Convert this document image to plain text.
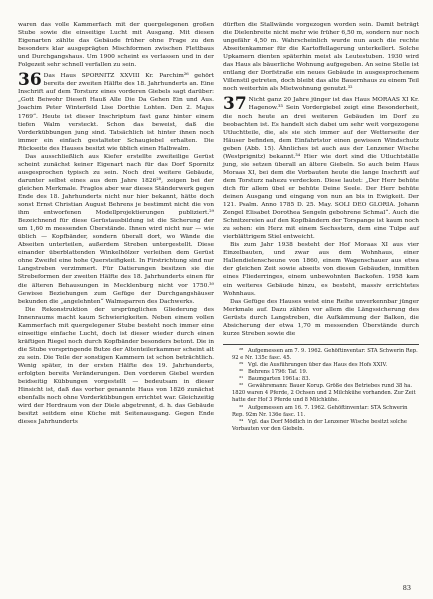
waren das volle Kammerfach mit der quergelegenen großen Stube sowie die einseitige Lucht mit Ausgang. Mit diesen Eigenarten zählte das Gebäude früher ohne Frage zu den besonders klar ausgeprägten Mischformen zwischen Flettbaus und Durchgangshaus. Um 1900 scheint es verlassen und in der Folgezeit sehr schnell verfallen zu sein.

36 Das Haus SPORNITZ XXVIII Kr. Parchim²⁶ gehört bereits der zweiten Hälfte des 18. Jahrhunderts an. Eine Inschrift auf dem Torsturz eines vorderen Giebels sagt darüber: „Gott Beiwohr Diesefi Hauß Alle Die Da Gehen Ein und Aus. Joachim Peter Winterfeld Lise Dorthie Lohten. Den 2. Majus 1769“. Heute ist dieser Inschriptum fast ganz hinter einem tiefen Walm versteckt. Schon das beweist, daß die Vorderkübbungen jung sind. Tatsächlich ist hinter ihnen noch immer ein einfach gestalteter Schaugiebel erhalten. Die Rückseite des Hauses besitzt wie üblich einen Halbwalm.

Das ausschließlich aus Kiefer erstellte zweiteilige Gerüst scheint zunächst keiner Eigenart nach für das Dorf Spornitz ausgesprochen typisch zu sein. Noch drei weitere Gebäude, darunter selbst eines aus dem Jahre 1826²⁸, zeigen bei der gleichen Merkmale. Fraglos aber war dieses Ständerwerk gegen Ende des 18. Jahrhunderts nicht nur hier bekannt, hätte doch sonst Ernst Christian August Behrens je bestimmt nicht die von ihm entworfenen Modellprojektierungen publiziert.²⁹ Bezeichnend für diese Gerüstausbildung ist die Sicherung der um 1,60 m messenden Überstände. Ihnen wird nicht nur — wie üblich — Kopfbänder, sondern überall dort, wo Wände die Abseiten unterteilen, außerdem Streben untergestellt. Diese einander überblattenden Winkelhölzer verleihen dem Gerüst ohne Zweifel eine hohe Quersteifigkeit. In Firstrichtung sind nur Langstreben verzimmert. Für Datierungen besitzen sie die Strebeformen der zweiten Hälfte des 18. Jahrhunderts einen für die älteren Behausungen in Mecklenburg nicht vor 1750.³⁰ Gewisse Beziehungen zum Gefüge der Durchgangshäuser bekunden die „angelehnten“ Walmsparren des Dachwerks.

Die Rekonstruktion der ursprünglichen Gliederung des Innenraums macht kaum Schwierigkeiten. Neben einem vollen Kammerfach mit quergelegener Stube besteht noch immer eine einseitige einfache Lucht, doch ist dieser wieder durch einen kräftigen Riegel noch durch Kopfbänder besonders betont. Die in die Stube vorspringende Butze der Altenteilerkammer scheint alt zu sein. Die Teile der sonstigen Kammern ist schon beträchtlich. Wenig später, in der ersten Hälfte des 19. Jahrhunderts, erfolgten bereits Veränderungen. Den vorderen Giebel werden beidseitig Kübbungen vorgestellt — bedeutsam in dieser Hinsicht ist, daß das vorher genannte Haus von 1826 zunächst ebenfalls noch ohne Vorderkübbungen errichtet war. Gleichzeitig wird der Herdraum von der Diele abgetrennt, d. h. das Gebäude besitzt seitdem eine Küche mit Seitenausgang. Gegen Ende dieses Jahrhunderts

dürften die Stallwände vorgezogen worden sein. Damit beträgt die Dielenbreite nicht mehr wie früher 6,50 m, sondern nur noch ungefähr 4,50 m. Wahrscheinlich wurde nun auch die rechte Abseitenkammer für die Kartoffellagerung unterkellert. Solche Upkamern dienten späterhin meist als Leutestuben. 1930 wird das Haus als bäuerliche Wohnung aufgegeben. An seine Stelle ist entlang der Dorfstraße ein neues Gebäude in ausgesprochenem Villenstil getreten, doch bleibt das alte Bauernhaus zu einem Teil noch weiterhin als Mietwohnung genutzt.³²

37 Nicht ganz 20 Jahre jünger ist das Haus MORAAS XI Kr. Hagenow.³³ Sein Vordergiebel zeigt eine Besonderheit, die noch heute an drei weiteren Gebäuden im Dorf zu beobachten ist. Es handelt sich dabei um sehr weit vorgezogene Utluchtteile, die, als sie sich immer auf der Wetterseite der Häuser befinden, dem Einfahrtstor einen gewissen Windschutz geben (Abb. 15). Ähnliches ist auch aus der Lenzener Wische (Westprignitz) bekannt.³⁴ Hier wie dort sind die Utluchtställe jung, sie setzen überall an ältere Giebeln. So auch beim Haus Moraas XI, bei dem die Vorbauten heute die lange Inschrift auf dem Torsturz nahezu verdecken. Diese lautet: „Der Herr behüte dich für allem übel er behüte Deine Seele. Der Herr behüte deinen Ausgang und eingang von nun an bis in Ewigkeit. Der 121. Psalm. Anno 1785 D. 25. May. SOLI DEO GLORIA. Johann Zengel Elisabet Dorothea Sengeln gebohrene Schmal“. Auch die Schnitzereien auf den Kopfbändern der Torspange ist kaum noch zu sehen: ein Herz mit einem Sechsstern, dem eine Tulpe auf vierblättrigem Stiel entweicht.

Bis zum Jahr 1938 besteht der Hof Moraas XI aus vier Einzelbauten, und zwar aus dem Wohnhaus, einer Hallendielenscheune von 1860, einem Wagenschauer aus etwa der gleichen Zeit sowie abseits von diesen Gebäuden, inmitten eines Fliederringes, einem unbewohnten Backofen. 1958 kam ein weiteres Gebäude hinzu, es besteht, massiv errichtetes Wohnhaus.

Das Gefüge des Hauses weist eine Reihe unverkennbar jünger Merkmale auf. Dazu zählen vor allem die Längssicherung des Gerüsts durch Langstreben, die Aufkämmung der Balken, die Absicherung der etwa 1,70 m messenden Überstände durch kurze Streben sowie die

²⁸ Aufgemessen am 7. 9. 1962. Gehöftinventar: STA Schwerin Rep. 92 e Nr. 135c fasc. 45.

²⁹ Vgl. die Ausführungen über das Haus des Hofs XXIV.

³⁰ Behrens 1796: Taf. 19.

³¹ Baumgarten 1961a: 83.

³² Gewährsmann: Bauer Korup. Größe des Betriebes rund 38 ha. 1820 waren 4 Pferde, 2 Ochsen und 2 Milchkühe vorhanden. Zur Zeit hatte der Hof 3 Pferde und 8 Milchkühe.

³³ Aufgemessen am 16. 7. 1962. Gehöftinventar: STA Schwerin Rep. 92m Nr. 136e fasc. 11.

³⁴ Vgl. das Dorf Mödlich in der Lenzener Wische besitzt solche Vorbauten vor den Giebeln.

83
